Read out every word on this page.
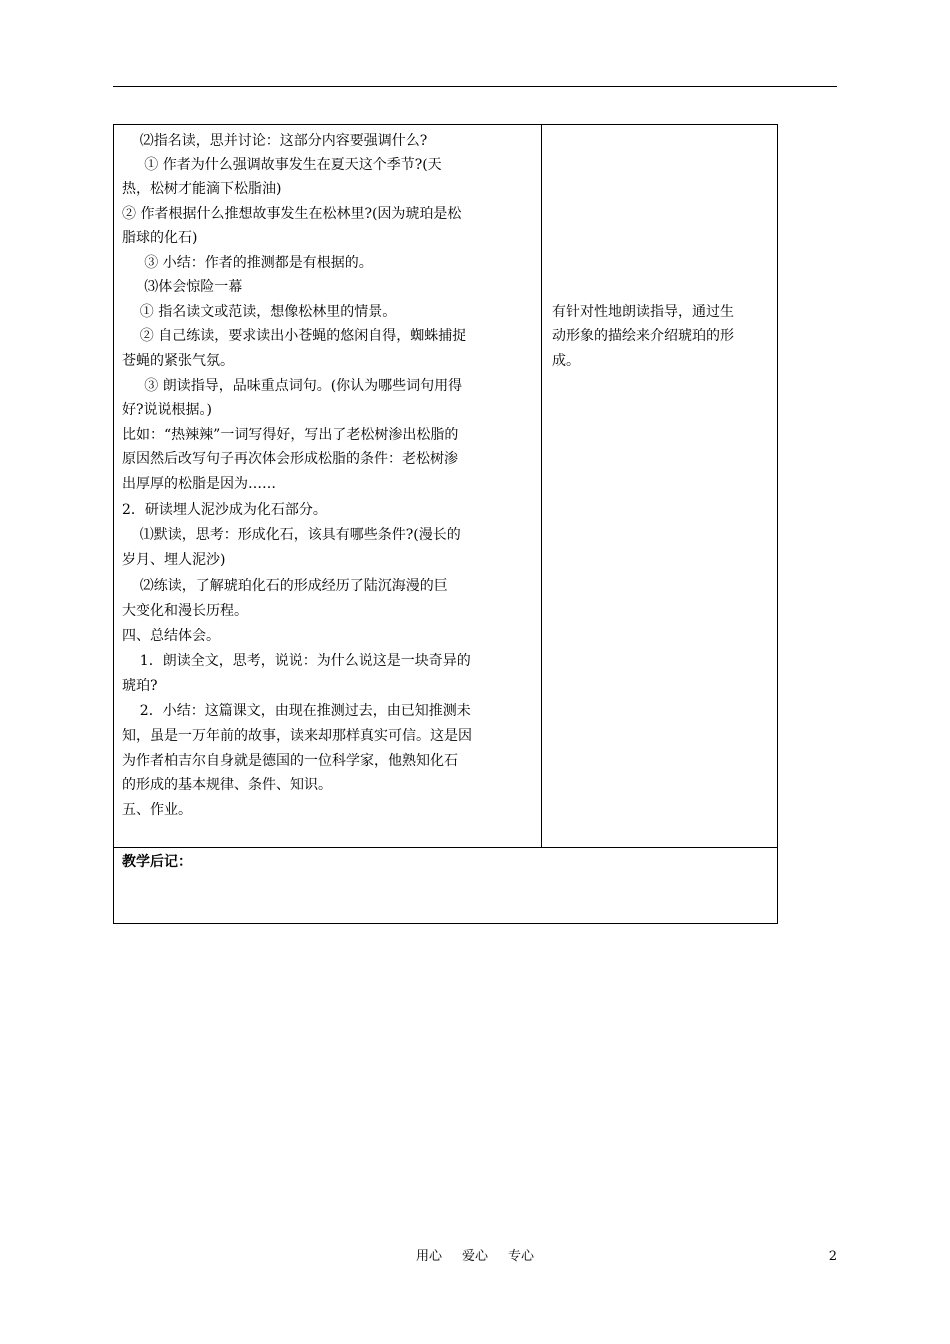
⑵指名读，思并讨论：这部分内容要强调什么?
① 作者为什么强调故事发生在夏天这个季节?(天
热，松树才能滴下松脂油)
② 作者根据什么推想故事发生在松林里?(因为琥珀是松
脂球的化石)
③ 小结：作者的推测都是有根据的。
⑶体会惊险一幕
① 指名读文或范读，想像松林里的情景。
② 自己练读，要求读出小苍蝇的悠闲自得，蜘蛛捕捉
苍蝇的紧张气氛。
③ 朗读指导，品味重点词句。(你认为哪些词句用得
好?说说根据。)
比如：“热辣辣”一词写得好，写出了老松树渗出松脂的
原因然后改写句子再次体会形成松脂的条件：老松树渗
出厚厚的松脂是因为……
2．研读埋人泥沙成为化石部分。
⑴默读，思考：形成化石，该具有哪些条件?(漫长的
岁月、埋人泥沙)
⑵练读，了解琥珀化石的形成经历了陆沉海漫的巨
大变化和漫长历程。
四、总结体会。
1．朗读全文，思考，说说：为什么说这是一块奇异的
琥珀?
2．小结：这篇课文，由现在推测过去，由已知推测未
知，虽是一万年前的故事，读来却那样真实可信。这是因
为作者柏吉尔自身就是德国的一位科学家，他熟知化石
的形成的基本规律、条件、知识。
五、作业。
有针对性地朗读指导，通过生
动形象的描绘来介绍琥珀的形
成。
教学后记：
用心 爱心 专心	2
